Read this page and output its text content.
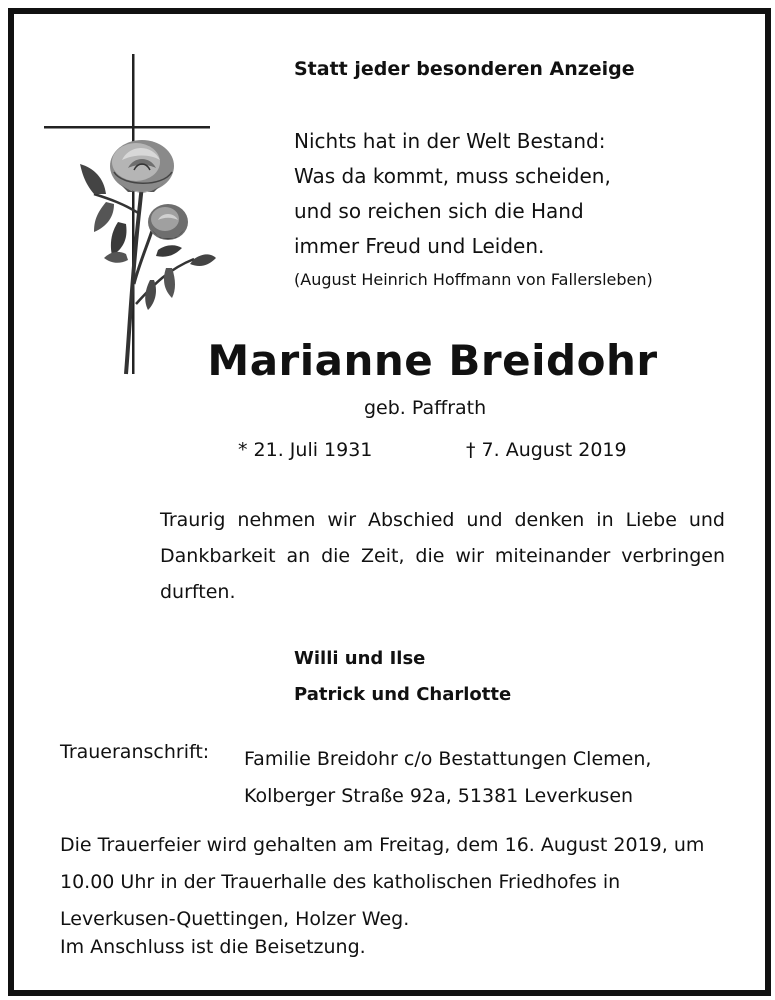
Statt jeder besonderen Anzeige
Nichts hat in der Welt Bestand:
Was da kommt, muss scheiden,
und so reichen sich die Hand
immer Freud und Leiden.
(August Heinrich Hoffmann von Fallersleben)
Marianne Breidohr
geb. Paffrath
* 21. Juli 1931	† 7. August 2019
Traurig nehmen wir Abschied und denken in Liebe und Dankbarkeit an die Zeit, die wir miteinander verbringen durften.
Willi und Ilse
Patrick und Charlotte
Traueranschrift: Familie Breidohr c/o Bestattungen Clemen,
Kolberger Straße 92a, 51381 Leverkusen
Die Trauerfeier wird gehalten am Freitag, dem 16. August 2019, um 10.00 Uhr in der Trauerhalle des katholischen Friedhofes in Leverkusen-Quettingen, Holzer Weg.
Im Anschluss ist die Beisetzung.
